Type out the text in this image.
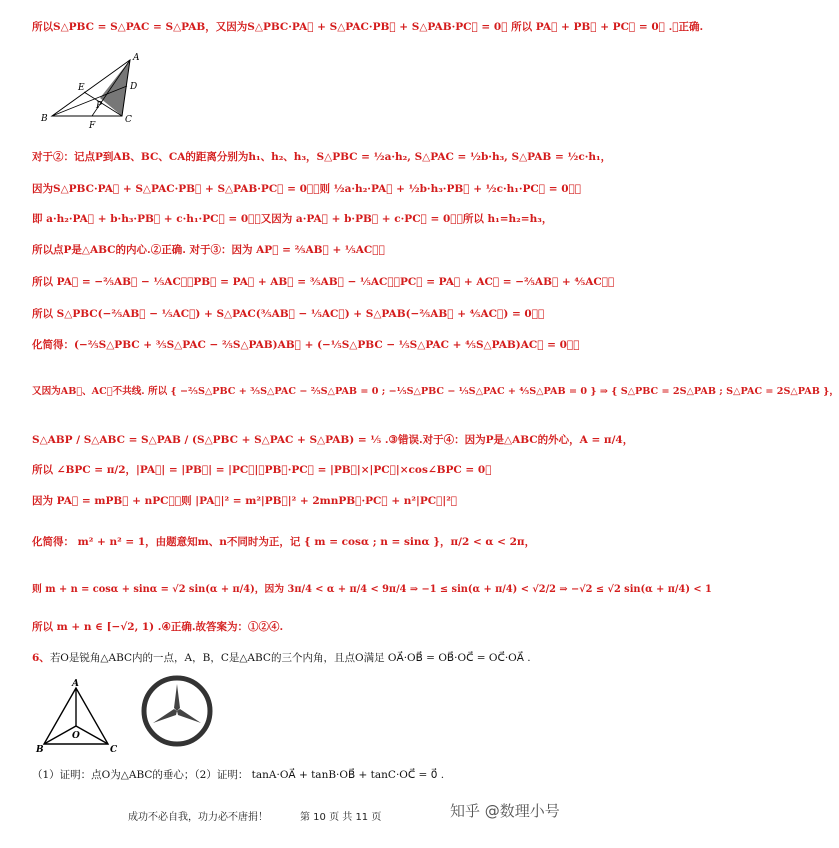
所以S△PBC = S△PAC = S△PAB，又因为S△PBC·PA⃗ + S△PAC·PB⃗ + S△PAB·PC⃗ = 0⃗ 所以 PA⃗ + PB⃗ + PC⃗ = 0⃗ .①正确.
A
B	C
D
E
F
P
对于②：记点P到AB、BC、CA的距离分别为h₁、h₂、h₃，S△PBC = ½a·h₂, S△PAC = ½b·h₃, S△PAB = ½c·h₁，
因为S△PBC·PA⃗ + S△PAC·PB⃗ + S△PAB·PC⃗ = 0⃗，则 ½a·h₂·PA⃗ + ½b·h₃·PB⃗ + ½c·h₁·PC⃗ = 0⃗，
即 a·h₂·PA⃗ + b·h₃·PB⃗ + c·h₁·PC⃗ = 0⃗，又因为 a·PA⃗ + b·PB⃗ + c·PC⃗ = 0⃗，所以 h₁=h₂=h₃，
所以点P是△ABC的内心.②正确. 对于③：因为 AP⃗ = ⅖AB⃗ + ⅕AC⃗，
所以 PA⃗ = −⅖AB⃗ − ⅕AC⃗，PB⃗ = PA⃗ + AB⃗ = ⅗AB⃗ − ⅕AC⃗，PC⃗ = PA⃗ + AC⃗ = −⅖AB⃗ + ⅘AC⃗，
所以 S△PBC(−⅖AB⃗ − ⅕AC⃗) + S△PAC(⅗AB⃗ − ⅕AC⃗) + S△PAB(−⅖AB⃗ + ⅘AC⃗) = 0⃗，
化简得：(−⅖S△PBC + ⅗S△PAC − ⅖S△PAB)AB⃗ + (−⅕S△PBC − ⅕S△PAC + ⅘S△PAB)AC⃗ = 0⃗，
又因为AB⃗、AC⃗不共线. 所以 { −⅖S△PBC + ⅗S△PAC − ⅖S△PAB = 0 ; −⅕S△PBC − ⅕S△PAC + ⅘S△PAB = 0 } ⇒ { S△PBC = 2S△PAB ; S△PAC = 2S△PAB }，
S△ABP / S△ABC = S△PAB / (S△PBC + S△PAC + S△PAB) = ⅕ .③错误.对于④：因为P是△ABC的外心，A = π/4，
所以 ∠BPC = π/2，|PA⃗| = |PB⃗| = |PC⃗|，PB⃗·PC⃗ = |PB⃗|×|PC⃗|×cos∠BPC = 0，
因为 PA⃗ = mPB⃗ + nPC⃗，则 |PA⃗|² = m²|PB⃗|² + 2mnPB⃗·PC⃗ + n²|PC⃗|²，
化简得： m² + n² = 1，由题意知m、n不同时为正，记 { m = cosα ; n = sinα }，π/2 < α < 2π，
则 m + n = cosα + sinα = √2 sin(α + π/4)，因为 3π/4 < α + π/4 < 9π/4 ⇒ −1 ≤ sin(α + π/4) < √2/2 ⇒ −√2 ≤ √2 sin(α + π/4) < 1
所以 m + n ∈ [−√2, 1) .④正确.故答案为：①②④.
6、若O是锐角△ABC内的一点，A，B，C是△ABC的三个内角，且点O满足 OA⃗·OB⃗ = OB⃗·OC⃗ = OC⃗·OA⃗ .
A
B	C
O
（1）证明：点O为△ABC的垂心；（2）证明： tanA·OA⃗ + tanB·OB⃗ + tanC·OC⃗ = 0⃗ .
成功不必自我，功力必不唐捐！	第 10 页 共 11 页	知乎 @数理小号
